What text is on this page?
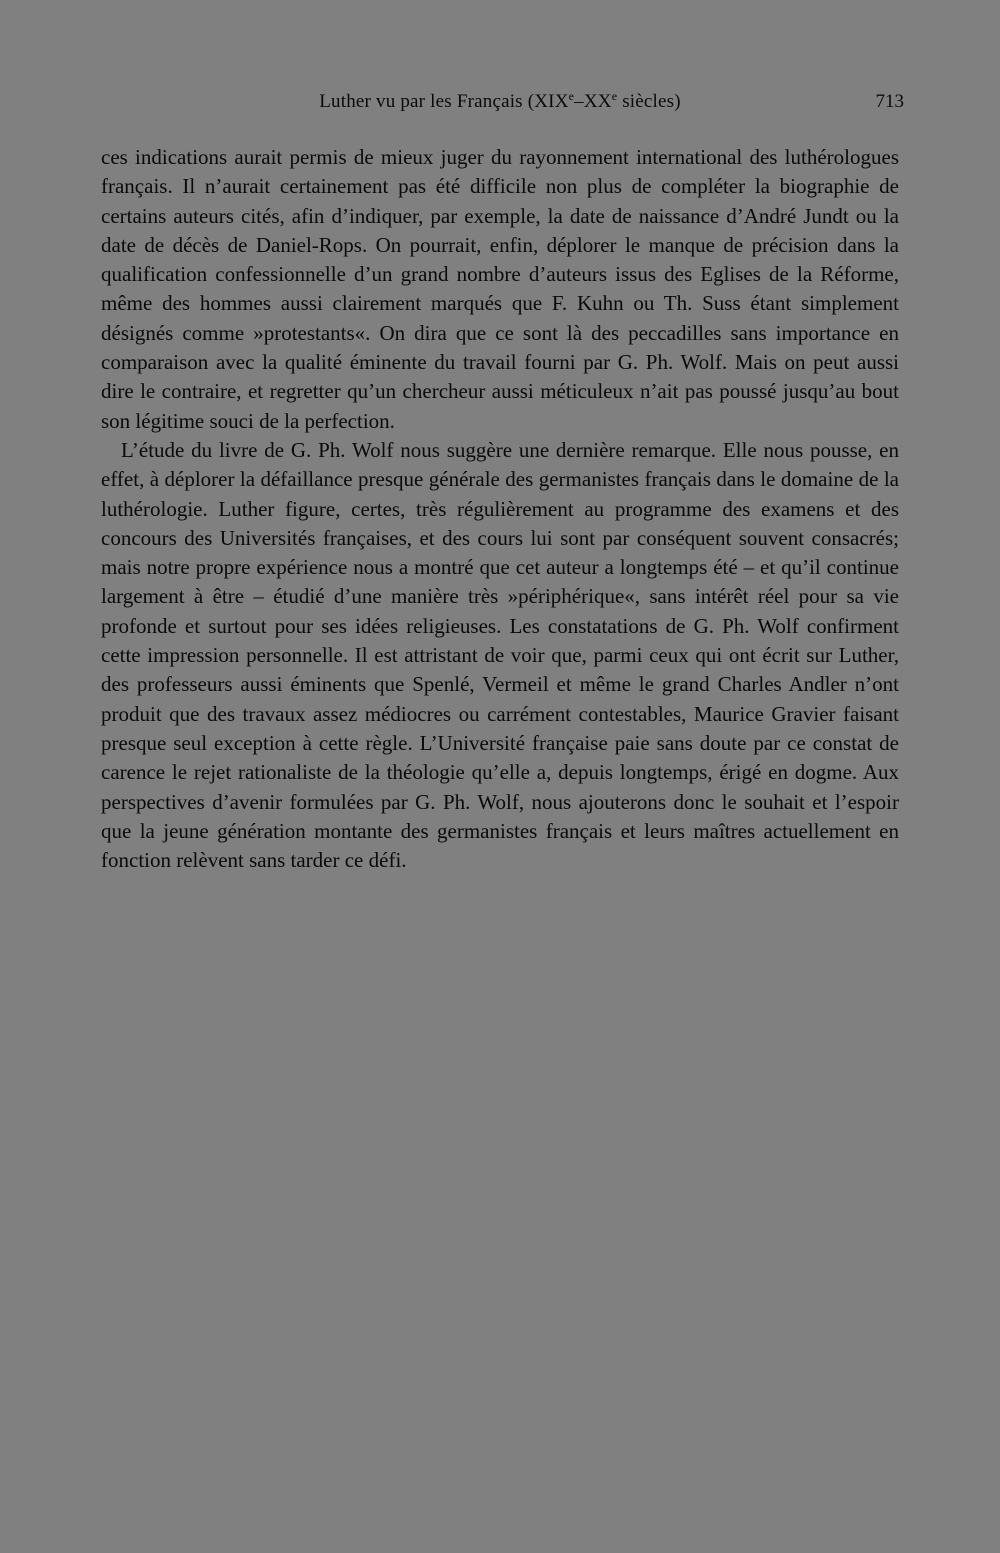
Luther vu par les Français (XIXe–XXe siècles)	713

ces indications aurait permis de mieux juger du rayonnement international des luthérologues français. Il n’aurait certainement pas été difficile non plus de compléter la biographie de certains auteurs cités, afin d’indiquer, par exemple, la date de naissance d’André Jundt ou la date de décès de Daniel-Rops. On pourrait, enfin, déplorer le manque de précision dans la qualification confessionnelle d’un grand nombre d’auteurs issus des Eglises de la Réforme, même des hommes aussi clairement marqués que F. Kuhn ou Th. Suss étant simplement désignés comme »protestants«. On dira que ce sont là des peccadilles sans importance en comparaison avec la qualité éminente du travail fourni par G. Ph. Wolf. Mais on peut aussi dire le contraire, et regretter qu’un chercheur aussi méticuleux n’ait pas poussé jusqu’au bout son légitime souci de la perfection.

L’étude du livre de G. Ph. Wolf nous suggère une dernière remarque. Elle nous pousse, en effet, à déplorer la défaillance presque générale des germanistes français dans le domaine de la luthérologie. Luther figure, certes, très régulièrement au programme des examens et des concours des Universités françaises, et des cours lui sont par conséquent souvent consacrés; mais notre propre expérience nous a montré que cet auteur a longtemps été – et qu’il continue largement à être – étudié d’une manière très »périphérique«, sans intérêt réel pour sa vie profonde et surtout pour ses idées religieuses. Les constatations de G. Ph. Wolf confirment cette impression personnelle. Il est attristant de voir que, parmi ceux qui ont écrit sur Luther, des professeurs aussi éminents que Spenlé, Vermeil et même le grand Charles Andler n’ont produit que des travaux assez médiocres ou carrément contestables, Maurice Gravier faisant presque seul exception à cette règle. L’Université française paie sans doute par ce constat de carence le rejet rationaliste de la théologie qu’elle a, depuis longtemps, érigé en dogme. Aux perspectives d’avenir formulées par G. Ph. Wolf, nous ajouterons donc le souhait et l’espoir que la jeune génération montante des germanistes français et leurs maîtres actuellement en fonction relèvent sans tarder ce défi.
